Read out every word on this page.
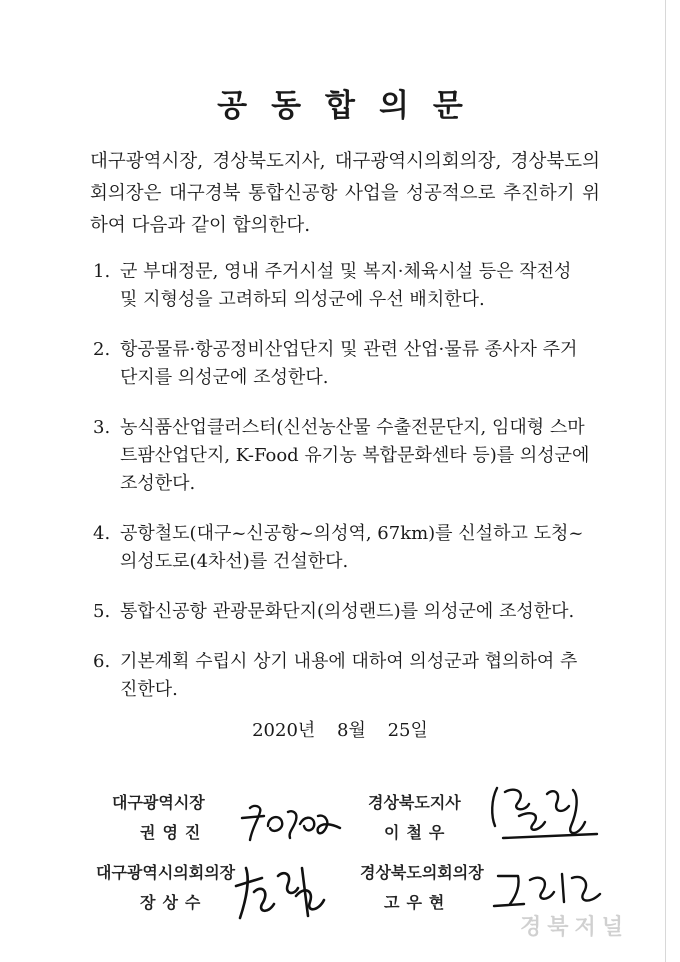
공동합의문
대구광역시장, 경상북도지사, 대구광역시의회의장, 경상북도의회의장은 대구경북 통합신공항 사업을 성공적으로 추진하기 위하여 다음과 같이 합의한다.
1. 군 부대정문, 영내 주거시설 및 복지·체육시설 등은 작전성 및 지형성을 고려하되 의성군에 우선 배치한다.
2. 항공물류·항공정비산업단지 및 관련 산업·물류 종사자 주거단지를 의성군에 조성한다.
3. 농식품산업클러스터(신선농산물 수출전문단지, 임대형 스마트팜산업단지, K-Food 유기농 복합문화센타 등)를 의성군에 조성한다.
4. 공항철도(대구~신공항~의성역, 67km)를 신설하고 도청~의성도로(4차선)를 건설한다.
5. 통합신공항 관광문화단지(의성랜드)를 의성군에 조성한다.
6. 기본계획 수립시 상기 내용에 대하여 의성군과 협의하여 추진한다.
2020년 8월 25일
대구광역시장
권영진
경상북도지사
이철우
대구광역시의회의장
장상수
경상북도의회의장
고우현
경북저널
